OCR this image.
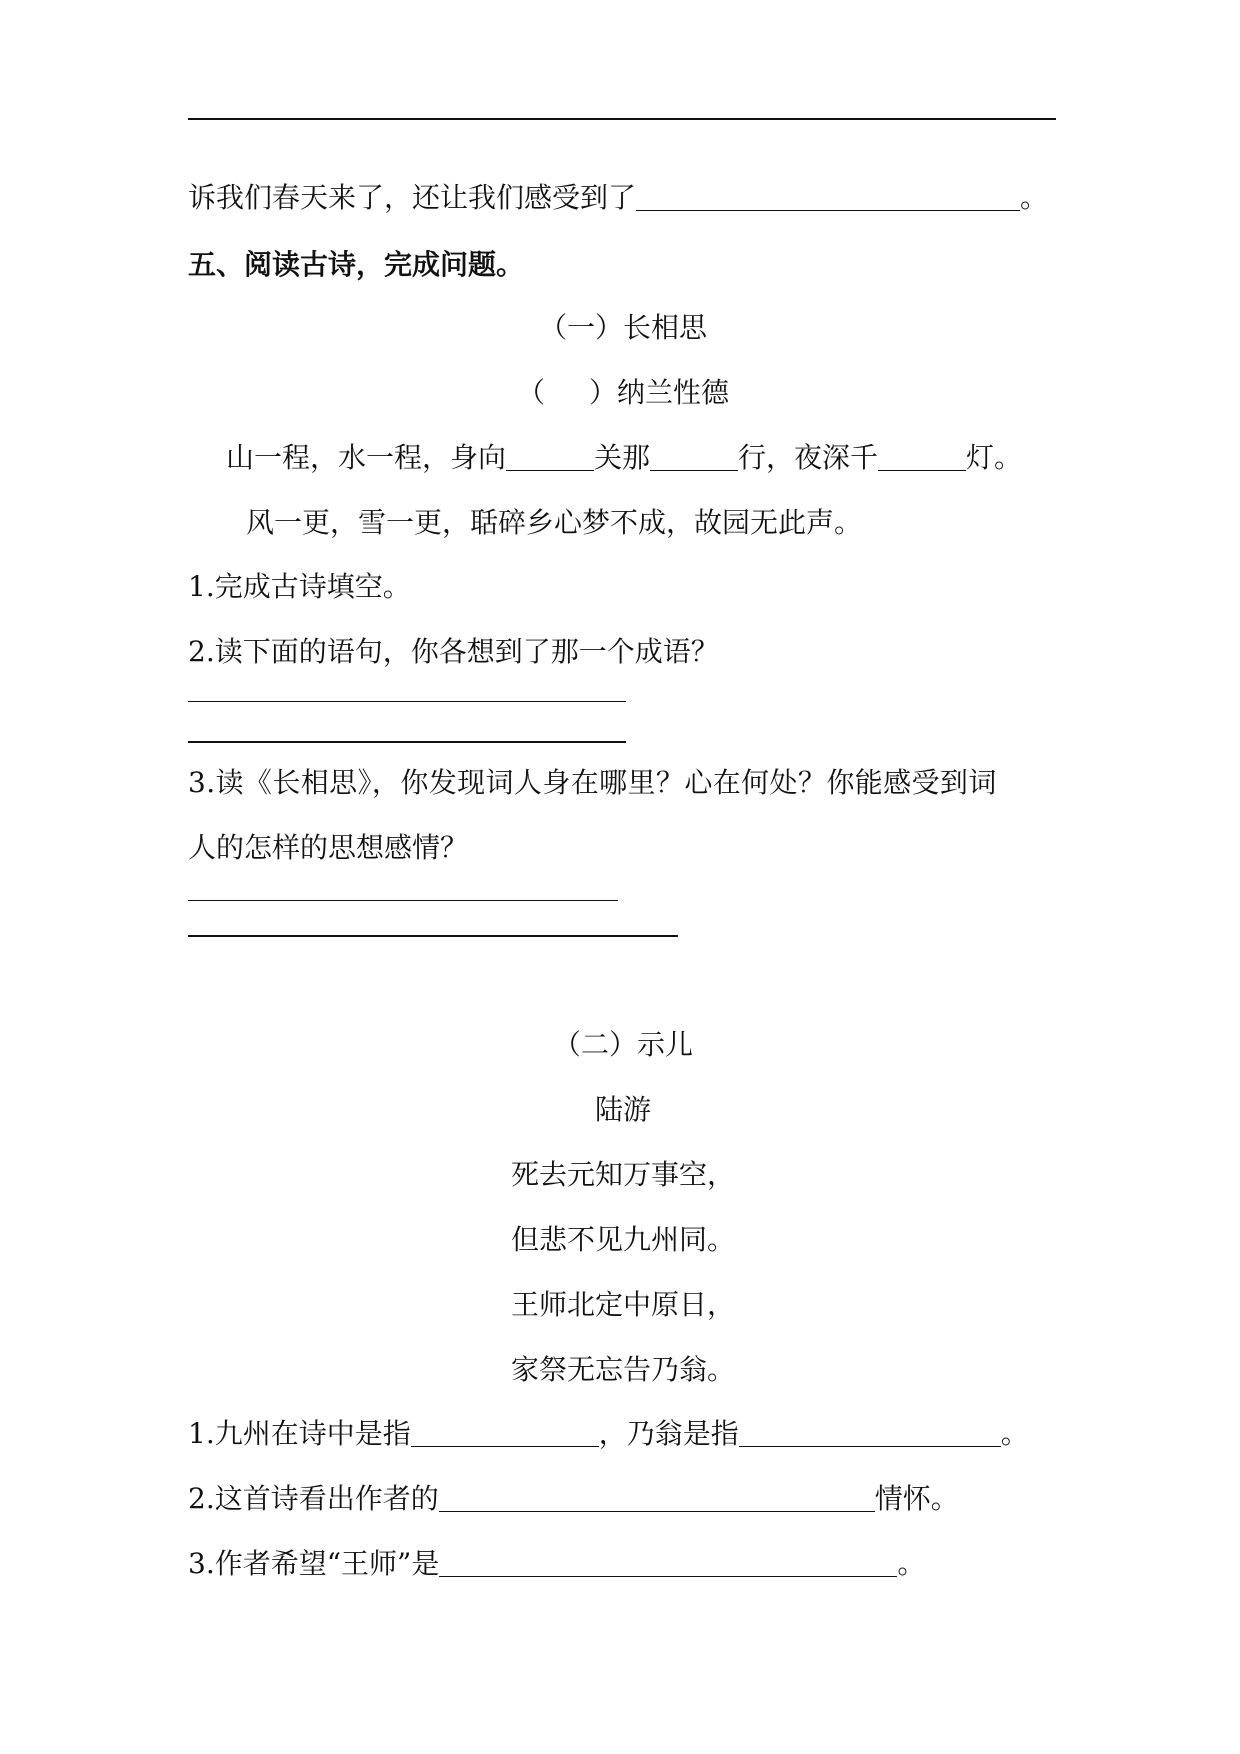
诉我们春天来了，还让我们感受到了	。
五、阅读古诗，完成问题。
（一）长相思
（ ）纳兰性德
山一程，水一程，身向	关那	行，夜深千	灯。
风一更，雪一更，聒碎乡心梦不成，故园无此声。
1.完成古诗填空。
2.读下面的语句，你各想到了那一个成语？
3.读《长相思》，你发现词人身在哪里？心在何处？你能感受到词
人的怎样的思想感情？
（二）示儿
陆游
死去元知万事空，
但悲不见九州同。
王师北定中原日，
家祭无忘告乃翁。
1.九州在诗中是指	，乃翁是指	。
2.这首诗看出作者的	情怀。
3.作者希望“王师”是	。
